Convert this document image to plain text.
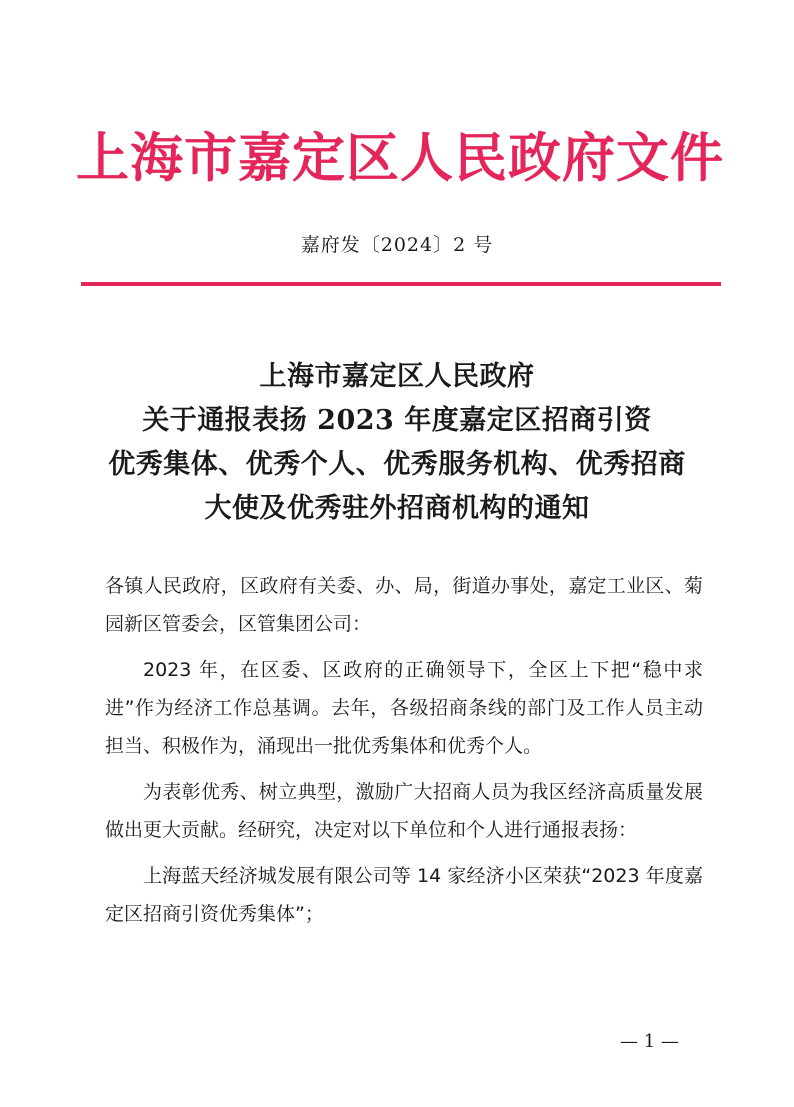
上海市嘉定区人民政府文件
嘉府发〔2024〕2 号
上海市嘉定区人民政府
关于通报表扬 2023 年度嘉定区招商引资
优秀集体、优秀个人、优秀服务机构、优秀招商
大使及优秀驻外招商机构的通知

各镇人民政府，区政府有关委、办、局，街道办事处，嘉定工业区、菊园新区管委会，区管集团公司：

2023 年，在区委、区政府的正确领导下，全区上下把“稳中求进”作为经济工作总基调。去年，各级招商条线的部门及工作人员主动担当、积极作为，涌现出一批优秀集体和优秀个人。

为表彰优秀、树立典型，激励广大招商人员为我区经济高质量发展做出更大贡献。经研究，决定对以下单位和个人进行通报表扬：

上海蓝天经济城发展有限公司等 14 家经济小区荣获“2023 年度嘉定区招商引资优秀集体”；

— 1 —
